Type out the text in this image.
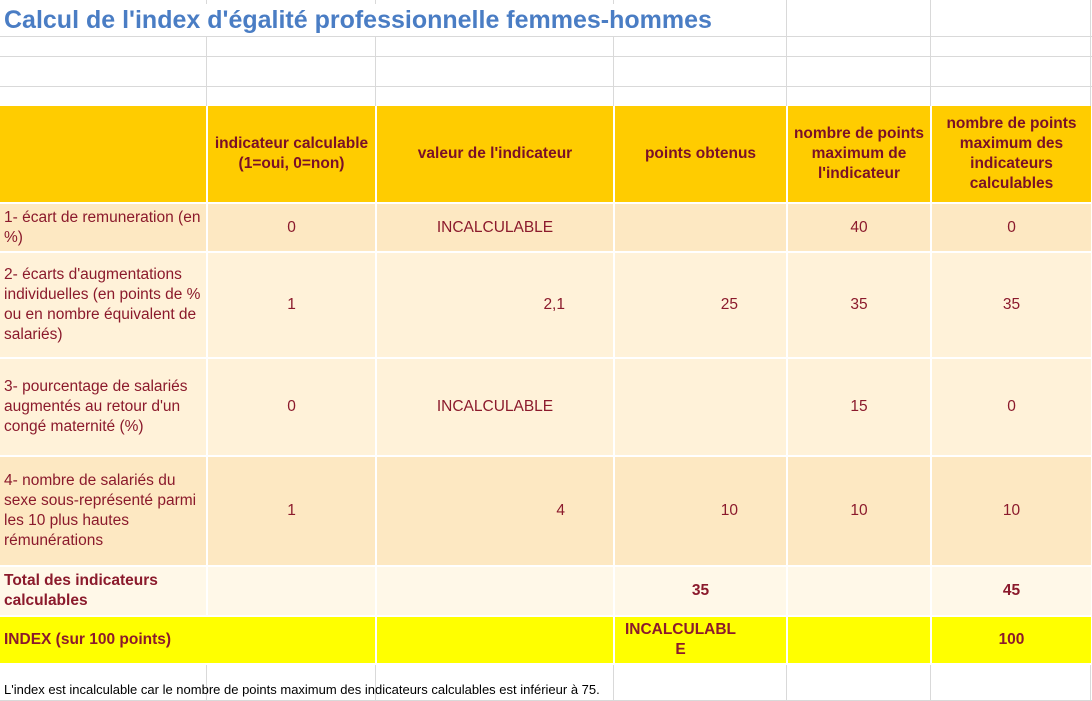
Calcul de l'index d'égalité professionnelle femmes-hommes
	indicateur calculable (1=oui, 0=non)	valeur de l'indicateur	points obtenus	nombre de points maximum de l'indicateur	nombre de points maximum des indicateurs calculables
1- écart de remuneration (en %)	0	INCALCULABLE		40	0
2- écarts d'augmentations individuelles (en points de % ou en nombre équivalent de salariés)	1	2,1	25	35	35
3- pourcentage de salariés augmentés au retour d'un congé maternité (%)	0	INCALCULABLE		15	0
4- nombre de salariés du sexe sous-représenté parmi les 10 plus hautes rémunérations	1	4	10	10	10
Total des indicateurs calculables			35		45
INDEX (sur 100 points)			INCALCULABLE		100
L'index est incalculable car le nombre de points maximum des indicateurs calculables est inférieur à 75.
